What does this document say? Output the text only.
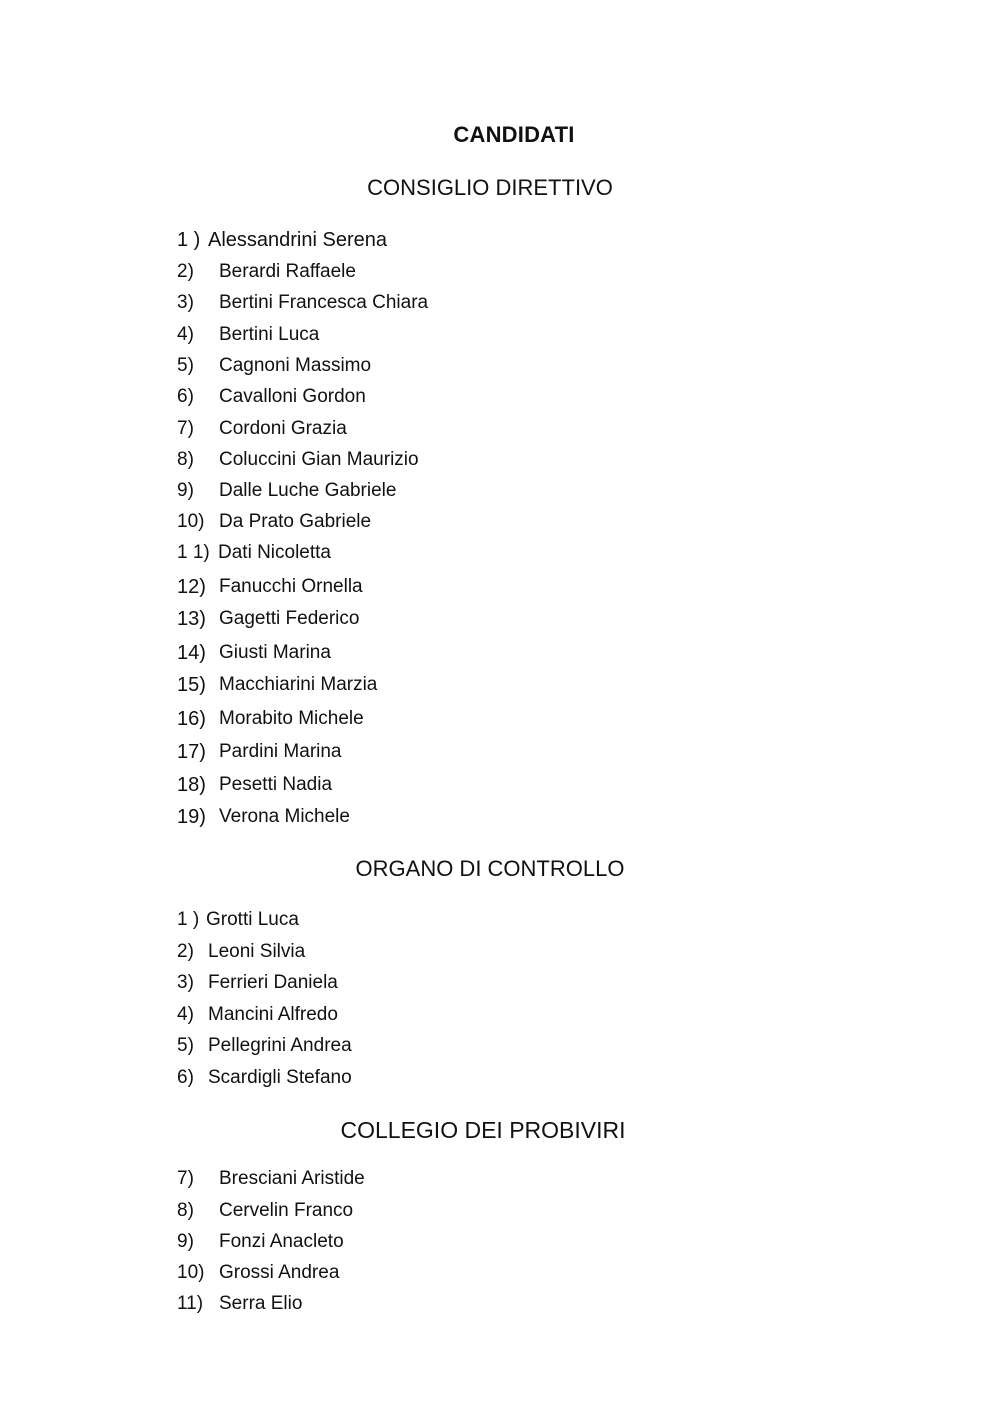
CANDIDATI
CONSIGLIO DIRETTIVO
1 ) Alessandrini Serena
2) Berardi Raffaele
3) Bertini Francesca Chiara
4) Bertini Luca
5) Cagnoni Massimo
6) Cavalloni Gordon
7) Cordoni Grazia
8) Coluccini Gian Maurizio
9) Dalle Luche Gabriele
10) Da Prato Gabriele
1 1) Dati Nicoletta
12) Fanucchi Ornella
13) Gagetti Federico
14) Giusti Marina
15) Macchiarini Marzia
16) Morabito Michele
17) Pardini Marina
18) Pesetti Nadia
19) Verona Michele
ORGANO DI CONTROLLO
1 ) Grotti Luca
2) Leoni Silvia
3) Ferrieri Daniela
4) Mancini Alfredo
5) Pellegrini Andrea
6) Scardigli Stefano
COLLEGIO DEI PROBIVIRI
7) Bresciani Aristide
8) Cervelin Franco
9) Fonzi Anacleto
10) Grossi Andrea
11) Serra Elio
